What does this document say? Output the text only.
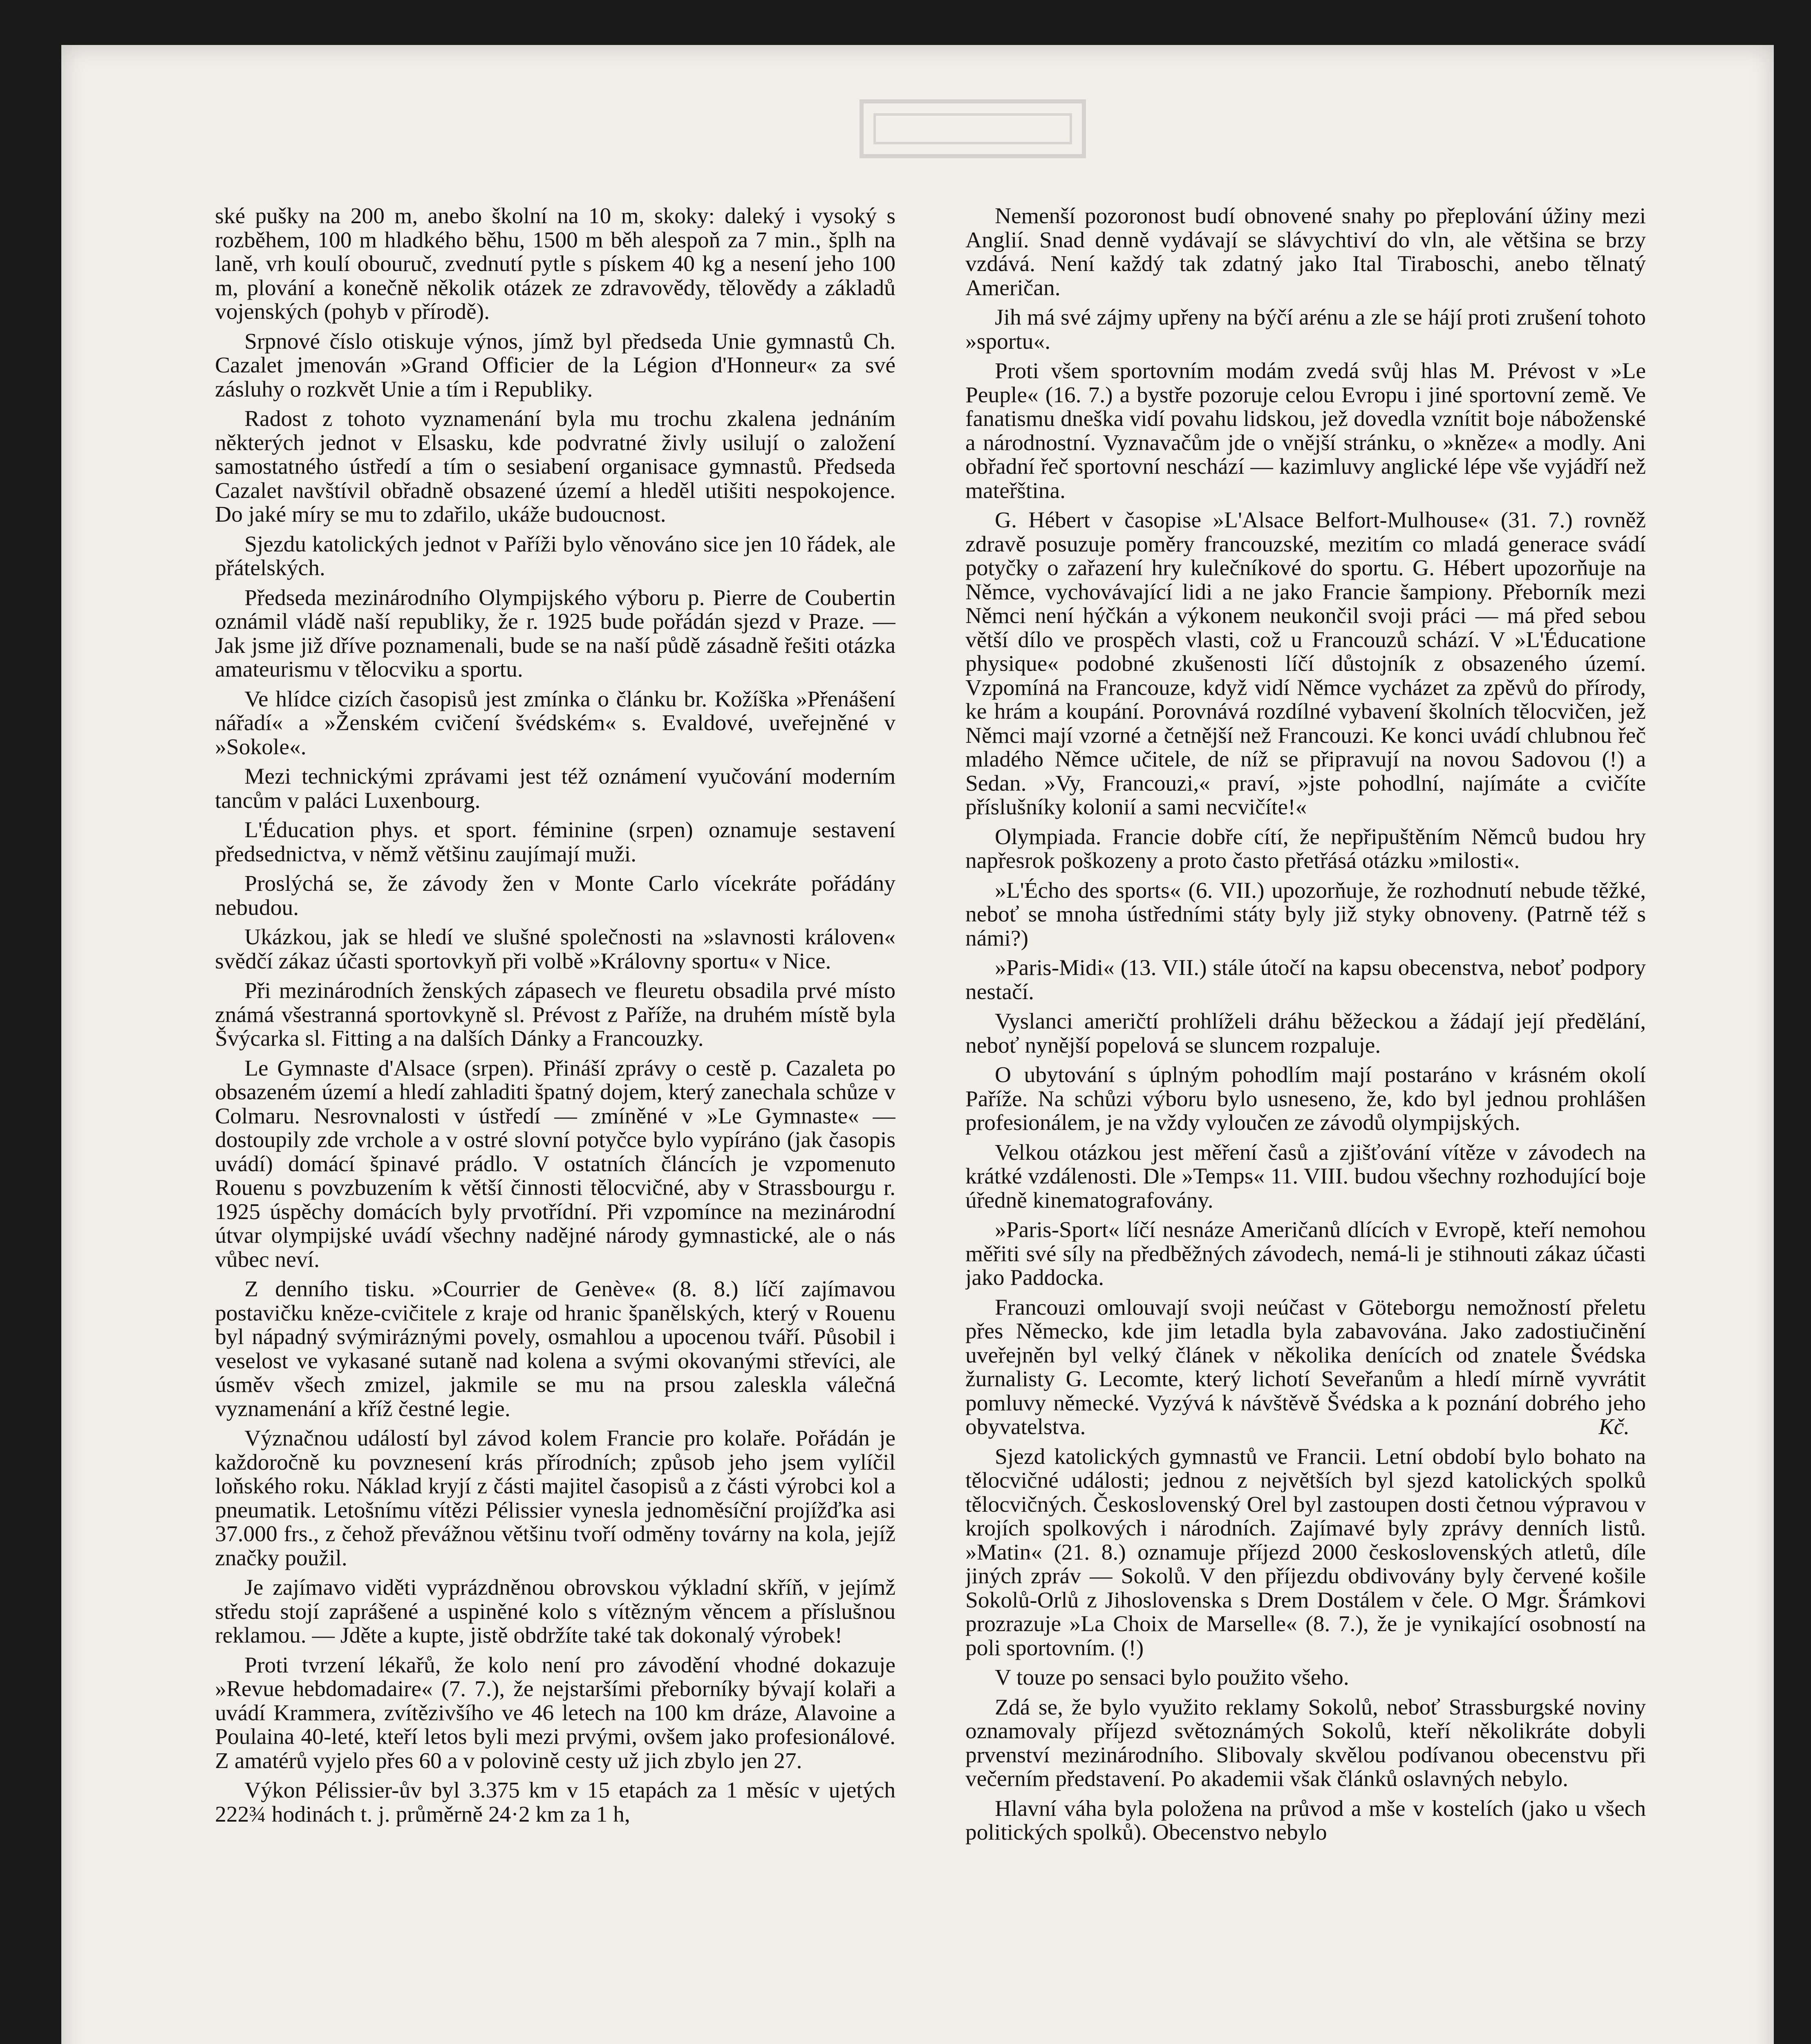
ské pušky na 200 m, anebo školní na 10 m, skoky: daleký i vysoký s rozběhem, 100 m hladkého běhu, 1500 m běh alespoň za 7 min., šplh na laně, vrh koulí obouruč, zvednutí pytle s pískem 40 kg a nesení jeho 100 m, plování a konečně několik otázek ze zdravovědy, tělovědy a základů vojenských (pohyb v přírodě).

Srpnové číslo otiskuje výnos, jímž byl předseda Unie gymnastů Ch. Cazalet jmenován »Grand Officier de la Légion d'Honneur« za své zásluhy o rozkvět Unie a tím i Republiky.

Radost z tohoto vyznamenání byla mu trochu zkalena jednáním některých jednot v Elsasku, kde podvratné živly usilují o založení samostatného ústředí a tím o sesiabení organisace gymnastů. Předseda Cazalet navštívil obřadně obsazené území a hleděl utišiti nespokojence. Do jaké míry se mu to zdařilo, ukáže budoucnost.

Sjezdu katolických jednot v Paříži bylo věnováno sice jen 10 řádek, ale přátelských.

Předseda mezinárodního Olympijského výboru p. Pierre de Coubertin oznámil vládě naší republiky, že r. 1925 bude pořádán sjezd v Praze. — Jak jsme již dříve poznamenali, bude se na naší půdě zásadně řešiti otázka amateurismu v tělocviku a sportu.

Ve hlídce cizích časopisů jest zmínka o článku br. Kožíška »Přenášení nářadí« a »Ženském cvičení švédském« s. Evaldové, uveřejněné v »Sokole«.

Mezi technickými zprávami jest též oznámení vyučování moderním tancům v paláci Luxenbourg.

L'Éducation phys. et sport. féminine (srpen) oznamuje sestavení předsednictva, v němž většinu zaujímají muži.

Proslýchá se, že závody žen v Monte Carlo vícekráte pořádány nebudou.

Ukázkou, jak se hledí ve slušné společnosti na »slavnosti královen« svědčí zákaz účasti sportovkyň při volbě »Královny sportu« v Nice.

Při mezinárodních ženských zápasech ve fleuretu obsadila prvé místo známá všestranná sportovkyně sl. Prévost z Paříže, na druhém místě byla Švýcarka sl. Fitting a na dalších Dánky a Francouzky.

Le Gymnaste d'Alsace (srpen). Přináší zprávy o cestě p. Cazaleta po obsazeném území a hledí zahladiti špatný dojem, který zanechala schůze v Colmaru. Nesrovnalosti v ústředí — zmíněné v »Le Gymnaste« — dostoupily zde vrchole a v ostré slovní potyčce bylo vypíráno (jak časopis uvádí) domácí špinavé prádlo. V ostatních článcích je vzpomenuto Rouenu s povzbuzením k větší činnosti tělocvičné, aby v Strassbourgu r. 1925 úspěchy domácích byly prvotřídní. Při vzpomínce na mezinárodní útvar olympijské uvádí všechny nadějné národy gymnastické, ale o nás vůbec neví.

Z denního tisku. »Courrier de Genève« (8. 8.) líčí zajímavou postavičku kněze-cvičitele z kraje od hranic španělských, který v Rouenu byl nápadný svýmiráznými povely, osmahlou a upocenou tváří. Působil i veselost ve vykasané sutaně nad kolena a svými okovanými střevíci, ale úsměv všech zmizel, jakmile se mu na prsou zaleskla válečná vyznamenání a kříž čestné legie.

Význačnou událostí byl závod kolem Francie pro kolaře. Pořádán je každoročně ku povznesení krás přírodních; způsob jeho jsem vylíčil loňského roku. Náklad kryjí z části majitel časopisů a z části výrobci kol a pneumatik. Letošnímu vítězi Pélissier vynesla jednoměsíční projížďka asi 37.000 frs., z čehož převážnou většinu tvoří odměny továrny na kola, jejíž značky použil.

Je zajímavo viděti vyprázdněnou obrovskou výkladní skříň, v jejímž středu stojí zaprášené a uspiněné kolo s vítězným věncem a příslušnou reklamou. — Jděte a kupte, jistě obdržíte také tak dokonalý výrobek!

Proti tvrzení lékařů, že kolo není pro závodění vhodné dokazuje »Revue hebdomadaire« (7. 7.), že nejstaršími přeborníky bývají kolaři a uvádí Krammera, zvítězivšího ve 46 letech na 100 km dráze, Alavoine a Poulaina 40-leté, kteří letos byli mezi prvými, ovšem jako profesionálové. Z amatérů vyjelo přes 60 a v polovině cesty už jich zbylo jen 27.

Výkon Pélissier-ův byl 3.375 km v 15 etapách za 1 měsíc v ujetých 222¾ hodinách t. j. průměrně 24·2 km za 1 h,

Nemenší pozoronost budí obnovené snahy po přeplování úžiny mezi Anglií. Snad denně vydávají se slávychtiví do vln, ale většina se brzy vzdává. Není každý tak zdatný jako Ital Tiraboschi, anebo tělnatý Američan.

Jih má své zájmy upřeny na býčí arénu a zle se hájí proti zrušení tohoto »sportu«.

Proti všem sportovním modám zvedá svůj hlas M. Prévost v »Le Peuple« (16. 7.) a bystře pozoruje celou Evropu i jiné sportovní země. Ve fanatismu dneška vidí povahu lidskou, jež dovedla vznítit boje náboženské a národnostní. Vyznavačům jde o vnější stránku, o »kněze« a modly. Ani obřadní řeč sportovní neschází — kazimluvy anglické lépe vše vyjádří než mateřština.

G. Hébert v časopise »L'Alsace Belfort-Mulhouse« (31. 7.) rovněž zdravě posuzuje poměry francouzské, mezitím co mladá generace svádí potyčky o zařazení hry kulečníkové do sportu. G. Hébert upozorňuje na Němce, vychovávající lidi a ne jako Francie šampiony. Přeborník mezi Němci není hýčkán a výkonem neukončil svoji práci — má před sebou větší dílo ve prospěch vlasti, což u Francouzů schází. V »L'Éducatione physique« podobné zkušenosti líčí důstojník z obsazeného území. Vzpomíná na Francouze, když vidí Němce vycházet za zpěvů do přírody, ke hrám a koupání. Porovnává rozdílné vybavení školních tělocvičen, jež Němci mají vzorné a četnější než Francouzi. Ke konci uvádí chlubnou řeč mladého Němce učitele, de níž se připravují na novou Sadovou (!) a Sedan. »Vy, Francouzi,« praví, »jste pohodlní, najímáte a cvičíte příslušníky kolonií a sami necvičíte!«

Olympiada. Francie dobře cítí, že nepřipuštěním Němců budou hry napřesrok poškozeny a proto často přetřásá otázku »milosti«.

»L'Écho des sports« (6. VII.) upozorňuje, že rozhodnutí nebude těžké, neboť se mnoha ústředními státy byly již styky obnoveny. (Patrně též s námi?)

»Paris-Midi« (13. VII.) stále útočí na kapsu obecenstva, neboť podpory nestačí.

Vyslanci američtí prohlíželi dráhu běžeckou a žádají její předělání, neboť nynější popelová se sluncem rozpaluje.

O ubytování s úplným pohodlím mají postaráno v krásném okolí Paříže. Na schůzi výboru bylo usneseno, že, kdo byl jednou prohlášen profesionálem, je na vždy vyloučen ze závodů olympijských.

Velkou otázkou jest měření časů a zjišťování vítěze v závodech na krátké vzdálenosti. Dle »Temps« 11. VIII. budou všechny rozhodující boje úředně kinematografovány.

»Paris-Sport« líčí nesnáze Američanů dlících v Evropě, kteří nemohou měřiti své síly na předběžných závodech, nemá-li je stihnouti zákaz účasti jako Paddocka.

Francouzi omlouvají svoji neúčast v Göteborgu nemožností přeletu přes Německo, kde jim letadla byla zabavována. Jako zadostiučinění uveřejněn byl velký článek v několika denících od znatele Švédska žurnalisty G. Lecomte, který lichotí Seveřanům a hledí mírně vyvrátit pomluvy německé. Vyzývá k návštěvě Švédska a k poznání dobrého jeho obyvatelstva.	Kč.

Sjezd katolických gymnastů ve Francii. Letní období bylo bohato na tělocvičné události; jednou z největších byl sjezd katolických spolků tělocvičných. Československý Orel byl zastoupen dosti četnou výpravou v krojích spolkových i národních. Zajímavé byly zprávy denních listů. »Matin« (21. 8.) oznamuje příjezd 2000 československých atletů, díle jiných zpráv — Sokolů. V den příjezdu obdivovány byly červené košile Sokolů-Orlů z Jihoslovenska s Drem Dostálem v čele. O Mgr. Šrámkovi prozrazuje »La Choix de Marselle« (8. 7.), že je vynikající osobností na poli sportovním. (!)

V touze po sensaci bylo použito všeho.

Zdá se, že bylo využito reklamy Sokolů, neboť Strassburgské noviny oznamovaly příjezd světoznámých Sokolů, kteří několikráte dobyli prvenství mezinárodního. Slibovaly skvělou podívanou obecenstvu při večerním představení. Po akademii však článků oslavných nebylo.

Hlavní váha byla položena na průvod a mše v kostelích (jako u všech politických spolků). Obecenstvo nebylo
